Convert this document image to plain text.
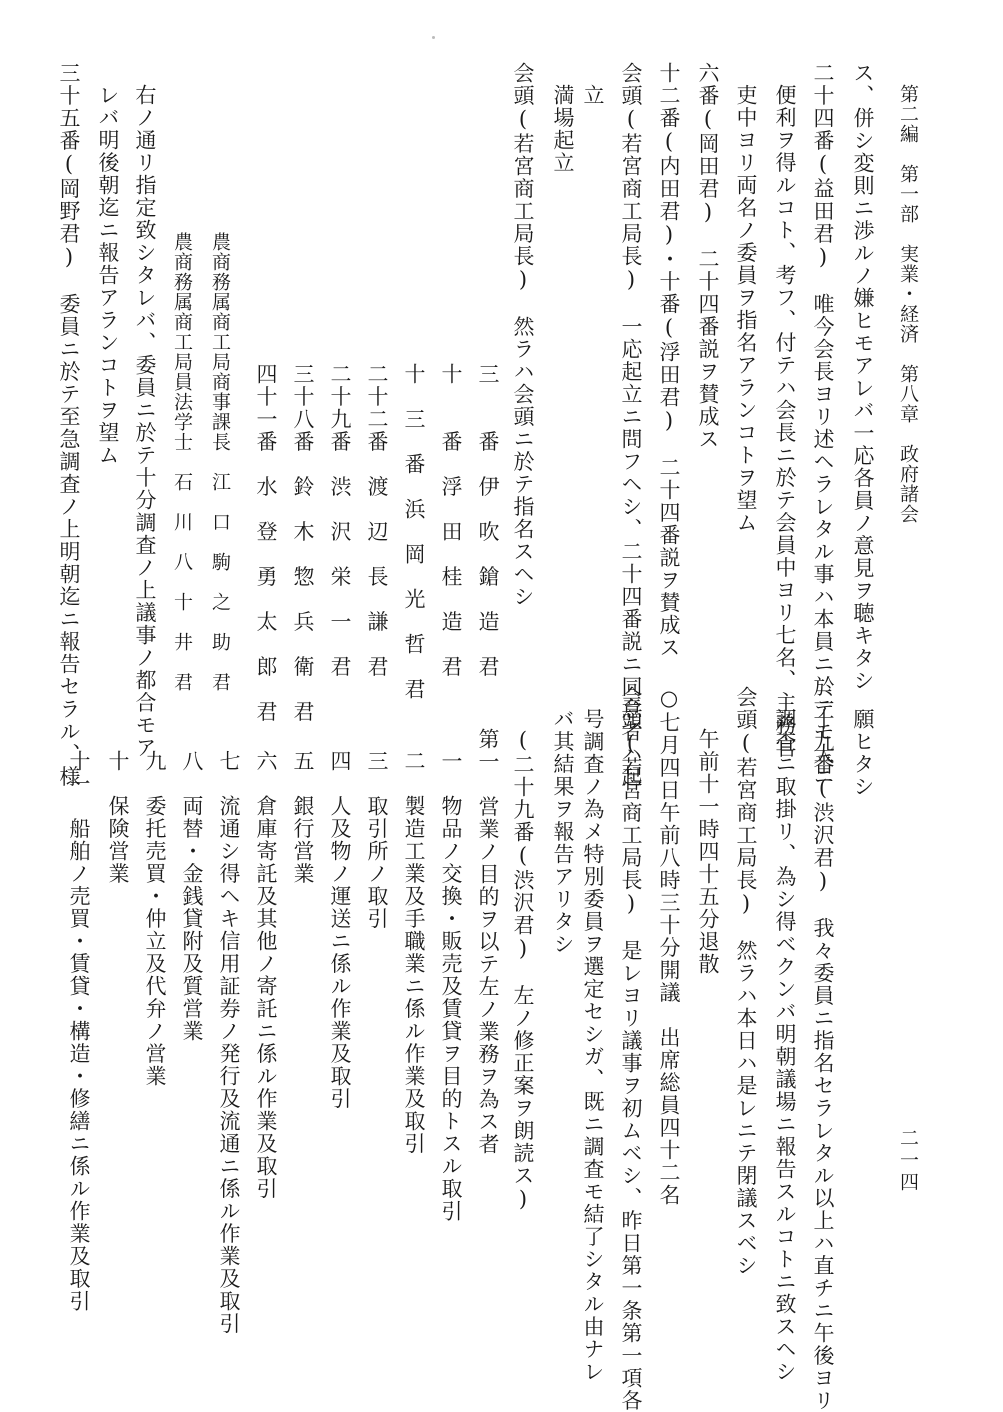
第二編　第一部　実業・経済　第八章　政府諸会
二一四
ス、併シ変則ニ渉ルノ嫌ヒモアレバ一応各員ノ意見ヲ聴キタシ
二十四番(益田君)　唯今会長ヨリ述ヘラレタル事ハ本員ニ於テモ大ニ
便利ヲ得ルコト、考フ、付テハ会長ニ於テ会員中ヨリ七名、主務官
吏中ヨリ両名ノ委員ヲ指名アランコトヲ望ム
六番(岡田君)　二十四番説ヲ賛成ス
十二番(内田君)・十番(浮田君)　二十四番説ヲ賛成ス
会頭(若宮商工局長)　一応起立ニ問フヘシ、二十四番説ニ同意者ハ起
立
満場起立
会頭(若宮商工局長)　然ラハ会頭ニ於テ指名スヘシ
三　　番　伊　吹　鎗　造　君
十　　番　浮　田　桂　造　君
十　三　番　浜　岡　光　哲　君
二十二番　渡　辺　長　謙　君
二十九番　渋　沢　栄　一　君
三十八番　鈴　木　惣　兵　衛　君
四十一番　水　登　勇　太　郎　君
農商務属商工局商事課長　江　口　駒　之　助　君
農商務属商工局員法学士　石　川　八　十　井　君
右ノ通リ指定致シタレバ、委員ニ於テ十分調査ノ上議事ノ都合モア
レバ明後朝迄ニ報告アランコトヲ望ム
三十五番(岡野君)　委員ニ於テ至急調査ノ上明朝迄ニ報告セラル、様	願ヒタシ
二十九番(渋沢君)　我々委員ニ指名セラレタル以上ハ直チニ午後ヨリ
調査ニ取掛リ、為シ得ベクンバ明朝議場ニ報告スルコトニ致スヘシ
会頭(若宮商工局長)　然ラハ本日ハ是レニテ閉議スベシ
午前十一時四十五分退散
○七月四日午前八時三十分開議　出席総員四十二名
会頭(若宮商工局長)　是レヨリ議事ヲ初ムベシ、昨日第一条第一項各
号調査ノ為メ特別委員ヲ選定セシガ、既ニ調査モ結了シタル由ナレ
バ其結果ヲ報告アリタシ
(二十九番(渋沢君)　左ノ修正案ヲ朗読ス)
第一　営業ノ目的ヲ以テ左ノ業務ヲ為ス者
一　物品ノ交換・販売及賃貸ヲ目的トスル取引
二　製造工業及手職業ニ係ル作業及取引
三　取引所ノ取引
四　人及物ノ運送ニ係ル作業及取引
五　銀行営業
六　倉庫寄託及其他ノ寄託ニ係ル作業及取引
七　流通シ得ヘキ信用証券ノ発行及流通ニ係ル作業及取引
八　両替・金銭貸附及質営業
九　委托売買・仲立及代弁ノ営業
十　保険営業
十一　船舶ノ売買・賃貸・構造・修繕ニ係ル作業及取引
